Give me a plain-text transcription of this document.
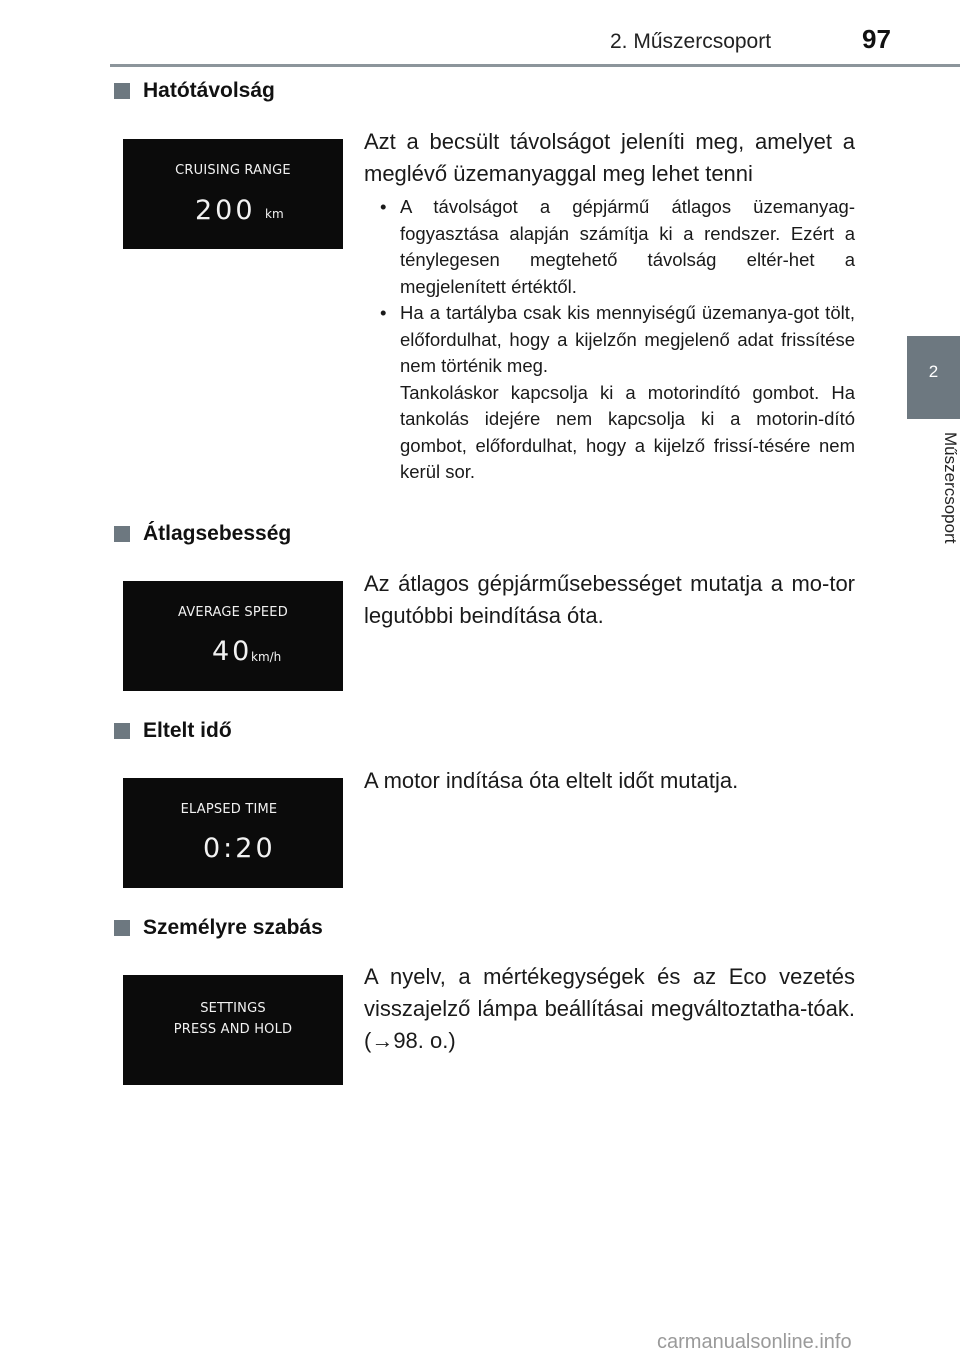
2. Műszercsoport	97
2
Műszercsoport
Hatótávolság
CRUISING RANGE
200 km
Azt a becsült távolságot jeleníti meg, amelyet a meglévő üzemanyaggal meg lehet tenni
• A távolságot a gépjármű átlagos üzemanyag-fogyasztása alapján számítja ki a rendszer. Ezért a ténylegesen megtehető távolság eltér-het a megjelenített értéktől.
• Ha a tartályba csak kis mennyiségű üzemanya-got tölt, előfordulhat, hogy a kijelzőn megjelenő adat frissítése nem történik meg.
Tankoláskor kapcsolja ki a motorindító gombot. Ha tankolás idejére nem kapcsolja ki a motorin-dító gombot, előfordulhat, hogy a kijelző frissí-tésére nem kerül sor.
Átlagsebesség
AVERAGE SPEED
40
km/h
Az átlagos gépjárműsebességet mutatja a mo-tor legutóbbi beindítása óta.
Eltelt idő
ELAPSED TIME
0:20
A motor indítása óta eltelt időt mutatja.
Személyre szabás
SETTINGS
PRESS AND HOLD
A nyelv, a mértékegységek és az Eco vezetés visszajelző lámpa beállításai megváltoztatha-tóak. (→98. o.)
carmanualsonline.info
